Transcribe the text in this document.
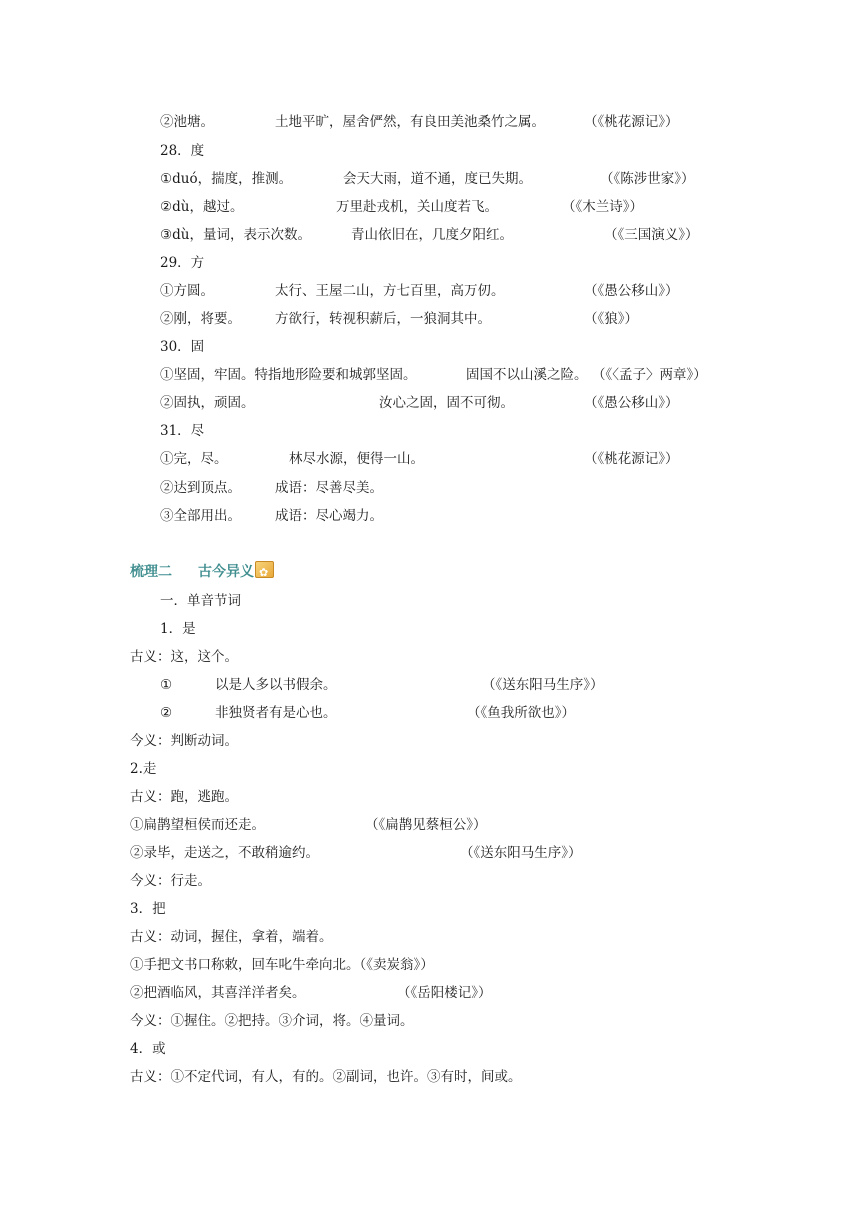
②池塘。	土地平旷，屋舍俨然，有良田美池桑竹之属。	（《桃花源记》）
28．度
①duó，揣度，推测。	会天大雨，道不通，度已失期。	（《陈涉世家》）
②dù，越过。	万里赴戎机，关山度若飞。	（《木兰诗》）
③dù，量词，表示次数。	青山依旧在，几度夕阳红。	（《三国演义》）
29．方
①方圆。	太行、王屋二山，方七百里，高万仞。	（《愚公移山》）
②刚，将要。	方欲行，转视积薪后，一狼洞其中。	（《狼》）
30．固
①坚固，牢固。特指地形险要和城郭坚固。	固国不以山溪之险。 （《〈孟子〉两章》）
②固执，顽固。	汝心之固，固不可彻。	（《愚公移山》）
31．尽
①完，尽。	林尽水源，便得一山。	（《桃花源记》）
②达到顶点。	成语：尽善尽美。
③全部用出。	成语：尽心竭力。
梳理二 古今异义✿
一．单音节词
1．是
古义：这，这个。
①	以是人多以书假余。	（《送东阳马生序》）
②	非独贤者有是心也。	（《鱼我所欲也》）
今义：判断动词。
2.走
古义：跑，逃跑。
①扁鹊望桓侯而还走。	（《扁鹊见蔡桓公》）
②录毕，走送之，不敢稍逾约。	（《送东阳马生序》）
今义：行走。
3．把
古义：动词，握住，拿着，端着。
①手把文书口称敕，回车叱牛牵向北。（《卖炭翁》）
②把酒临风，其喜洋洋者矣。	（《岳阳楼记》）
今义：①握住。②把持。③介词，将。④量词。
4．或
古义：①不定代词，有人，有的。②副词，也许。③有时，间或。
